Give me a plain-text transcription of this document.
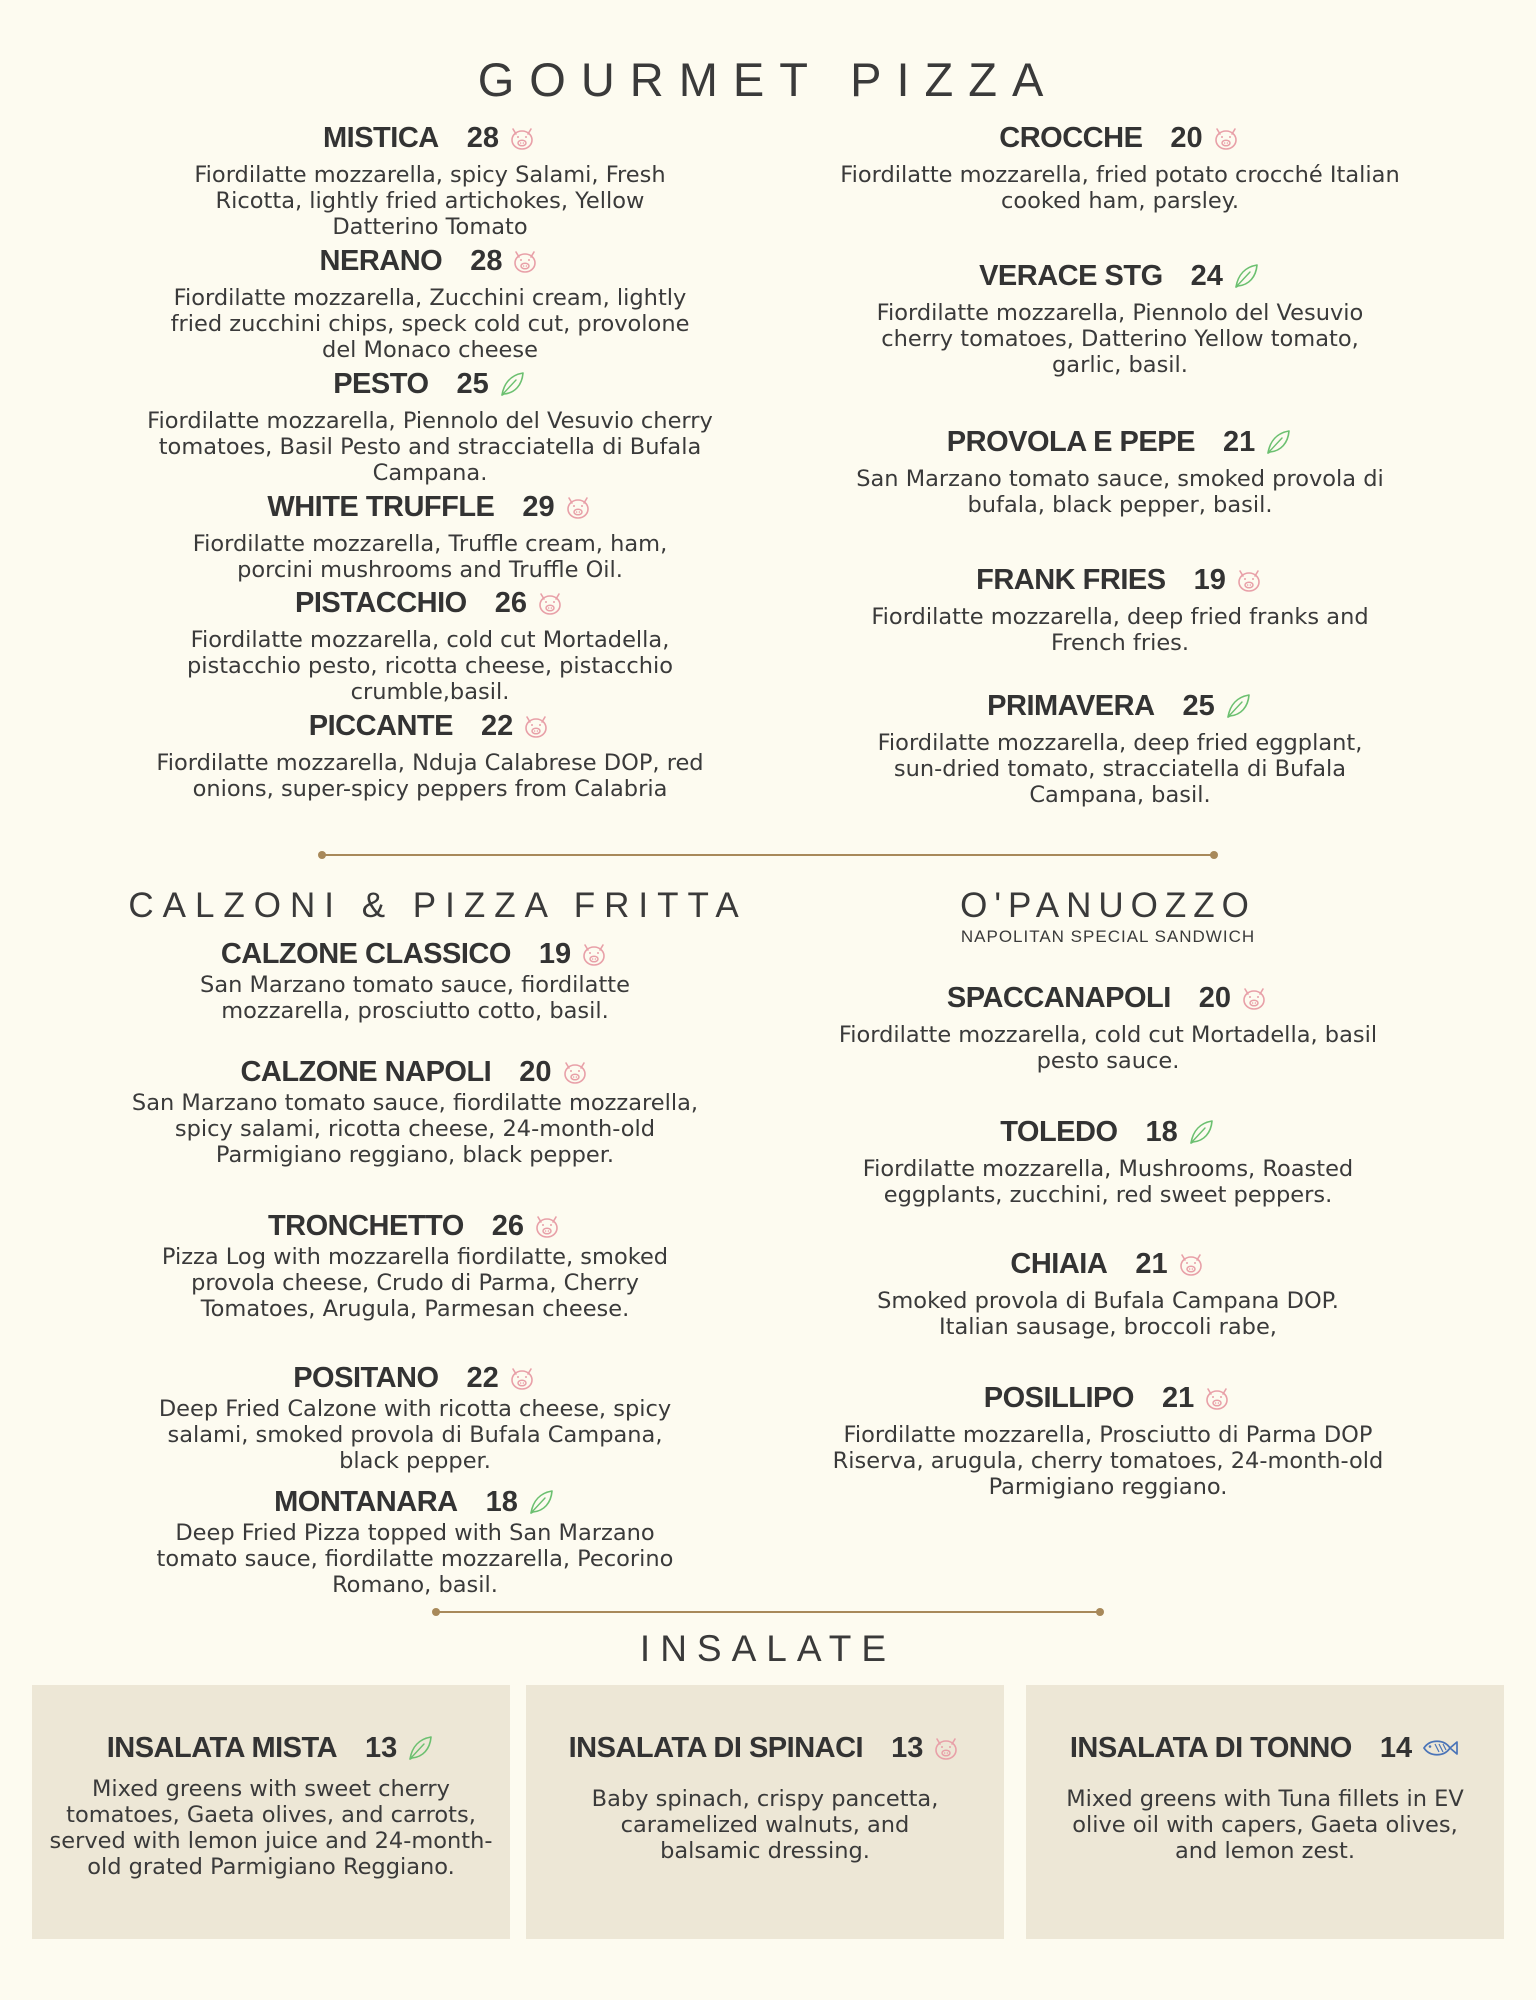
GOURMET PIZZA
MISTICA 28
Fiordilatte mozzarella, spicy Salami, Fresh Ricotta, lightly fried artichokes, Yellow Datterino Tomato
NERANO 28
Fiordilatte mozzarella, Zucchini cream, lightly fried zucchini chips, speck cold cut, provolone del Monaco cheese
PESTO 25
Fiordilatte mozzarella, Piennolo del Vesuvio cherry tomatoes, Basil Pesto and stracciatella di Bufala Campana.
WHITE TRUFFLE 29
Fiordilatte mozzarella, Truffle cream, ham, porcini mushrooms and Truffle Oil.
PISTACCHIO 26
Fiordilatte mozzarella, cold cut Mortadella, pistacchio pesto, ricotta cheese, pistacchio crumble,basil.
PICCANTE 22
Fiordilatte mozzarella, Nduja Calabrese DOP, red onions, super-spicy peppers from Calabria
CROCCHE 20
Fiordilatte mozzarella, fried potato crocché Italian cooked ham, parsley.
VERACE STG 24
Fiordilatte mozzarella, Piennolo del Vesuvio cherry tomatoes, Datterino Yellow tomato, garlic, basil.
PROVOLA E PEPE 21
San Marzano tomato sauce, smoked provola di bufala, black pepper, basil.
FRANK FRIES 19
Fiordilatte mozzarella, deep fried franks and French fries.
PRIMAVERA 25
Fiordilatte mozzarella, deep fried eggplant, sun-dried tomato, stracciatella di Bufala Campana, basil.
CALZONI & PIZZA FRITTA
CALZONE CLASSICO 19
San Marzano tomato sauce, fiordilatte mozzarella, prosciutto cotto, basil.
CALZONE NAPOLI 20
San Marzano tomato sauce, fiordilatte mozzarella, spicy salami, ricotta cheese, 24-month-old Parmigiano reggiano, black pepper.
TRONCHETTO 26
Pizza Log with mozzarella fiordilatte, smoked provola cheese, Crudo di Parma, Cherry Tomatoes, Arugula, Parmesan cheese.
POSITANO 22
Deep Fried Calzone with ricotta cheese, spicy salami, smoked provola di Bufala Campana, black pepper.
MONTANARA 18
Deep Fried Pizza topped with San Marzano tomato sauce, fiordilatte mozzarella, Pecorino Romano, basil.
O'PANUOZZO
NAPOLITAN SPECIAL SANDWICH
SPACCANAPOLI 20
Fiordilatte mozzarella, cold cut Mortadella, basil pesto sauce.
TOLEDO 18
Fiordilatte mozzarella, Mushrooms, Roasted eggplants, zucchini, red sweet peppers.
CHIAIA 21
Smoked provola di Bufala Campana DOP. Italian sausage, broccoli rabe,
POSILLIPO 21
Fiordilatte mozzarella, Prosciutto di Parma DOP Riserva, arugula, cherry tomatoes, 24-month-old Parmigiano reggiano.
INSALATE
INSALATA MISTA 13
Mixed greens with sweet cherry tomatoes, Gaeta olives, and carrots, served with lemon juice and 24-month-old grated Parmigiano Reggiano.
INSALATA DI SPINACI 13
Baby spinach, crispy pancetta, caramelized walnuts, and balsamic dressing.
INSALATA DI TONNO 14
Mixed greens with Tuna fillets in EV olive oil with capers, Gaeta olives, and lemon zest.
